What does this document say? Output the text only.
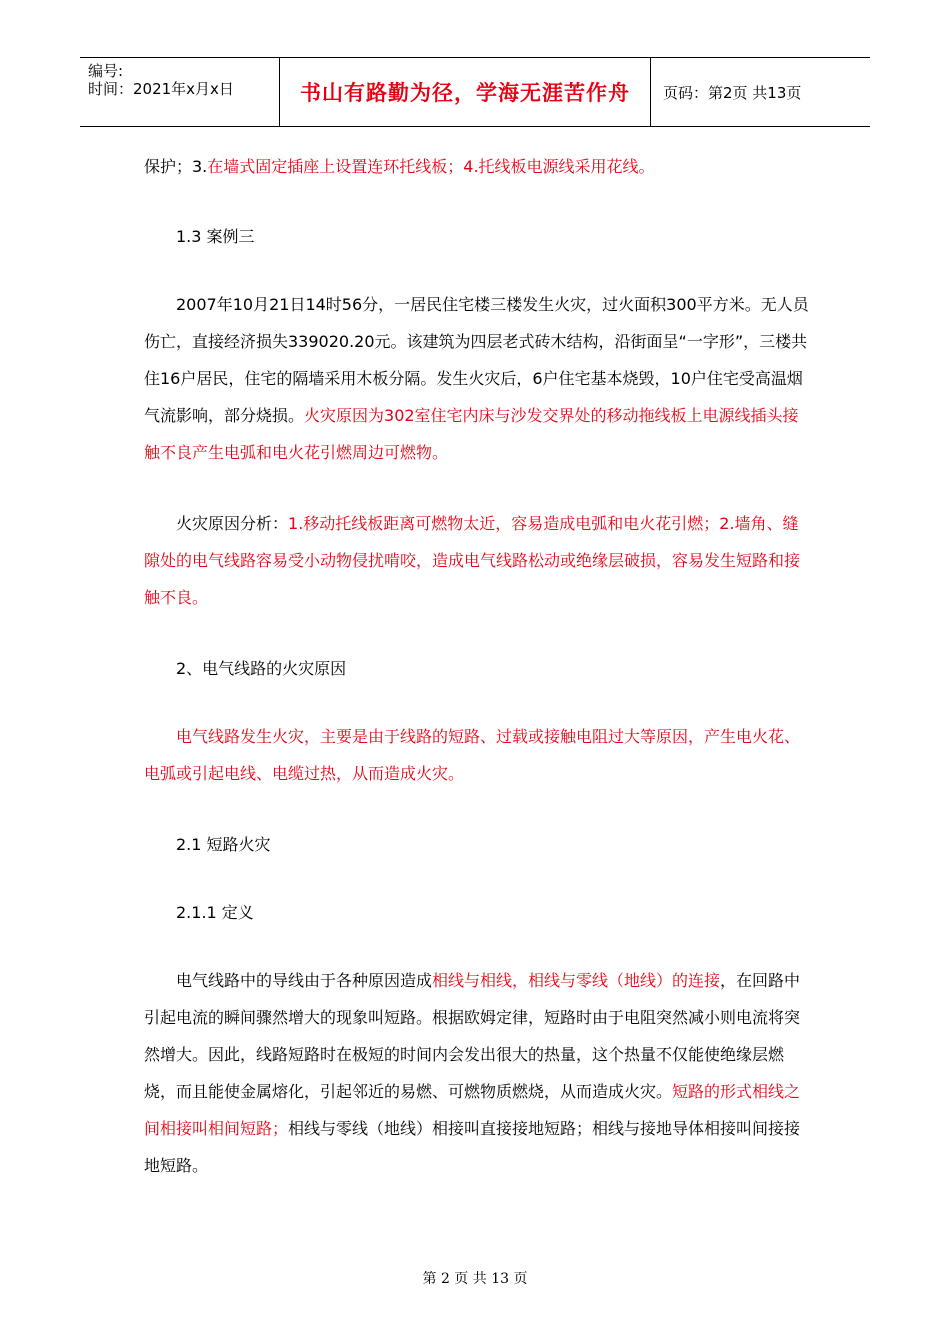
编号:
时间：2021年x月x日	书山有路勤为径，学海无涯苦作舟	页码：第2页 共13页

保护；3.在墙式固定插座上设置连环托线板；4.托线板电源线采用花线。

1.3 案例三

2007年10月21日14时56分，一居民住宅楼三楼发生火灾，过火面积300平方米。无人员伤亡，直接经济损失339020.20元。该建筑为四层老式砖木结构，沿街面呈“一字形”，三楼共住16户居民，住宅的隔墙采用木板分隔。发生火灾后，6户住宅基本烧毁，10户住宅受高温烟气流影响，部分烧损。火灾原因为302室住宅内床与沙发交界处的移动拖线板上电源线插头接触不良产生电弧和电火花引燃周边可燃物。

火灾原因分析：1.移动托线板距离可燃物太近，容易造成电弧和电火花引燃；2.墙角、缝隙处的电气线路容易受小动物侵扰啃咬，造成电气线路松动或绝缘层破损，容易发生短路和接触不良。

2、电气线路的火灾原因

电气线路发生火灾，主要是由于线路的短路、过载或接触电阻过大等原因，产生电火花、电弧或引起电线、电缆过热，从而造成火灾。

2.1 短路火灾

2.1.1 定义

电气线路中的导线由于各种原因造成相线与相线，相线与零线（地线）的连接，在回路中引起电流的瞬间骤然增大的现象叫短路。根据欧姆定律，短路时由于电阻突然减小则电流将突然增大。因此，线路短路时在极短的时间内会发出很大的热量，这个热量不仅能使绝缘层燃烧，而且能使金属熔化，引起邻近的易燃、可燃物质燃烧，从而造成火灾。短路的形式相线之间相接叫相间短路；相线与零线（地线）相接叫直接接地短路；相线与接地导体相接叫间接接地短路。

第 2 页 共 13 页
